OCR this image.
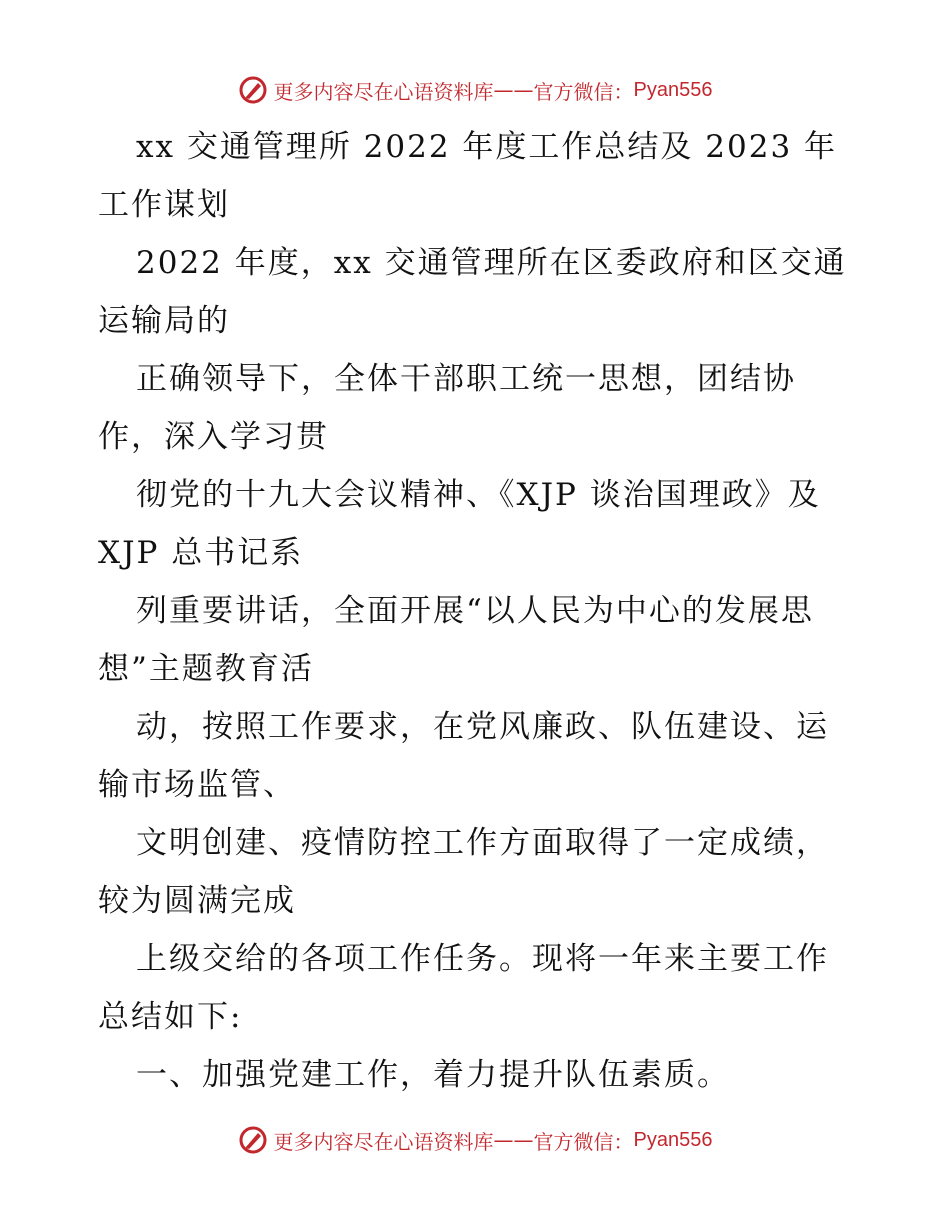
更多内容尽在心语资料库 —— 官方微信： Pyan556
xx 交通管理所 2022 年度工作总结及 2023 年
工作谋划
2022 年度，xx 交通管理所在区委政府和区交通
运输局的
正确领导下，全体干部职工统一思想，团结协
作，深入学习贯
彻党的十九大会议精神、《XJP 谈治国理政》及
XJP 总书记系
列重要讲话，全面开展“以人民为中心的发展思
想”主题教育活
动，按照工作要求，在党风廉政、队伍建设、运
输市场监管、
文明创建、疫情防控工作方面取得了一定成绩，
较为圆满完成
上级交给的各项工作任务。现将一年来主要工作
总结如下:
一、加强党建工作，着力提升队伍素质。
更多内容尽在心语资料库 —— 官方微信： Pyan556
